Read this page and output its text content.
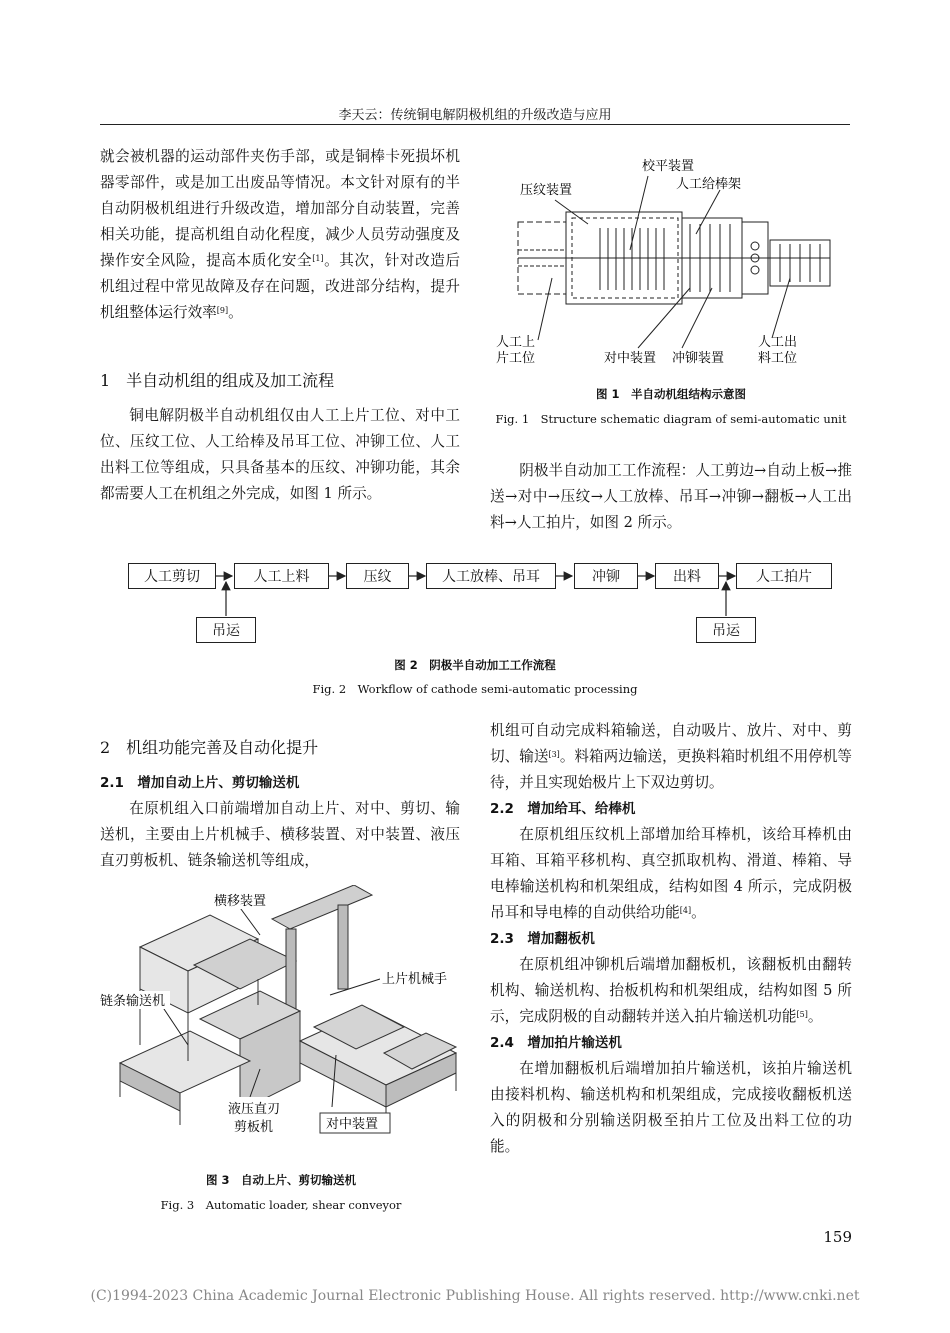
李天云：传统铜电解阴极机组的升级改造与应用

就会被机器的运动部件夹伤手部，或是铜棒卡死损坏机器零部件，或是加工出废品等情况。本文针对原有的半自动阴极机组进行升级改造，增加部分自动装置，完善相关功能，提高机组自动化程度，减少人员劳动强度及操作安全风险，提高本质化安全[1]。其次，针对改造后机组过程中常见故障及存在问题，改进部分结构，提升机组整体运行效率[9]。

1　半自动机组的组成及加工流程

铜电解阴极半自动机组仅由人工上片工位、对中工位、压纹工位、人工给棒及吊耳工位、冲铆工位、人工出料工位等组成，只具备基本的压纹、冲铆功能，其余都需要人工在机组之外完成，如图 1 所示。

压纹装置
校平装置
人工给棒架
人工上
片工位	对中装置 冲铆装置
人工出
料工位
图 1　半自动机组结构示意图
Fig. 1　Structure schematic diagram of semi-automatic unit

阴极半自动加工工作流程：人工剪边→自动上板→推送→对中→压纹→人工放棒、吊耳→冲铆→翻板→人工出料→人工拍片，如图 2 所示。

人工剪切	人工上料	压纹	人工放棒、吊耳	冲铆	出料	人工拍片
吊运	吊运
图 2　阴极半自动加工工作流程
Fig. 2　Workflow of cathode semi-automatic processing
2　机组功能完善及自动化提升
2.1　增加自动上片、剪切输送机

在原机组入口前端增加自动上片、对中、剪切、输送机，主要由上片机械手、横移装置、对中装置、液压直刃剪板机、链条输送机等组成，

横移装置
上片机械手
链条输送机
液压直刃
剪板机	对中装置
图 3　自动上片、剪切输送机
Fig. 3　Automatic loader, shear conveyor

机组可自动完成料箱输送，自动吸片、放片、对中、剪切、输送[3]。料箱两边输送，更换料箱时机组不用停机等待，并且实现始极片上下双边剪切。

2.2　增加给耳、给棒机

在原机组压纹机上部增加给耳棒机，该给耳棒机由耳箱、耳箱平移机构、真空抓取机构、滑道、棒箱、导电棒输送机构和机架组成，结构如图 4 所示，完成阴极吊耳和导电棒的自动供给功能[4]。

2.3　增加翻板机

在原机组冲铆机后端增加翻板机，该翻板机由翻转机构、输送机构、抬板机构和机架组成，结构如图 5 所示，完成阴极的自动翻转并送入拍片输送机功能[5]。

2.4　增加拍片输送机

在增加翻板机后端增加拍片输送机，该拍片输送机由接料机构、输送机构和机架组成，完成接收翻板机送入的阴极和分别输送阴极至拍片工位及出料工位的功能。

159
(C)1994-2023 China Academic Journal Electronic Publishing House. All rights reserved. http://www.cnki.net
